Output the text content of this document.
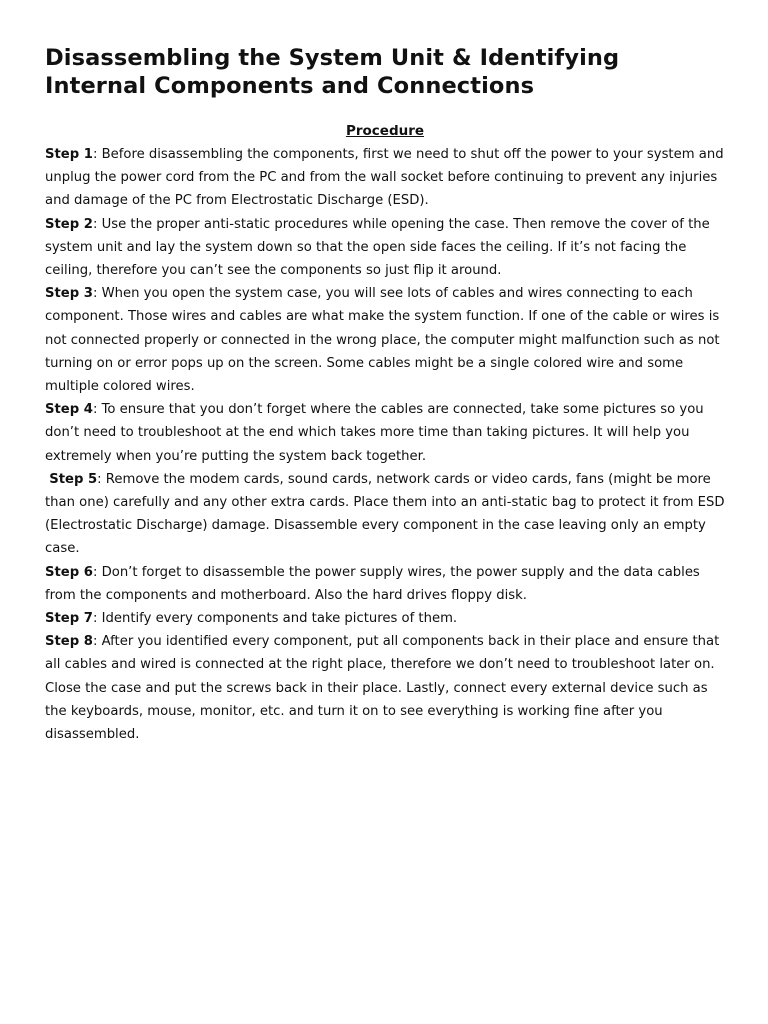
Disassembling the System Unit & Identifying
Internal Components and Connections
Procedure

Step 1: Before disassembling the components, first we need to shut off the power to your system and unplug the power cord from the PC and from the wall socket before continuing to prevent any injuries and damage of the PC from Electrostatic Discharge (ESD).

Step 2: Use the proper anti-static procedures while opening the case. Then remove the cover of the system unit and lay the system down so that the open side faces the ceiling. If it’s not facing the ceiling, therefore you can’t see the components so just flip it around.

Step 3: When you open the system case, you will see lots of cables and wires connecting to each component. Those wires and cables are what make the system function. If one of the cable or wires is not connected properly or connected in the wrong place, the computer might malfunction such as not turning on or error pops up on the screen. Some cables might be a single colored wire and some multiple colored wires.

Step 4: To ensure that you don’t forget where the cables are connected, take some pictures so you don’t need to troubleshoot at the end which takes more time than taking pictures. It will help you extremely when you’re putting the system back together.

Step 5: Remove the modem cards, sound cards, network cards or video cards, fans (might be more than one) carefully and any other extra cards. Place them into an anti-static bag to protect it from ESD (Electrostatic Discharge) damage. Disassemble every component in the case leaving only an empty case.

Step 6: Don’t forget to disassemble the power supply wires, the power supply and the data cables from the components and motherboard. Also the hard drives floppy disk.

Step 7: Identify every components and take pictures of them.

Step 8: After you identified every component, put all components back in their place and ensure that all cables and wired is connected at the right place, therefore we don’t need to troubleshoot later on. Close the case and put the screws back in their place. Lastly, connect every external device such as the keyboards, mouse, monitor, etc. and turn it on to see everything is working fine after you disassembled.
